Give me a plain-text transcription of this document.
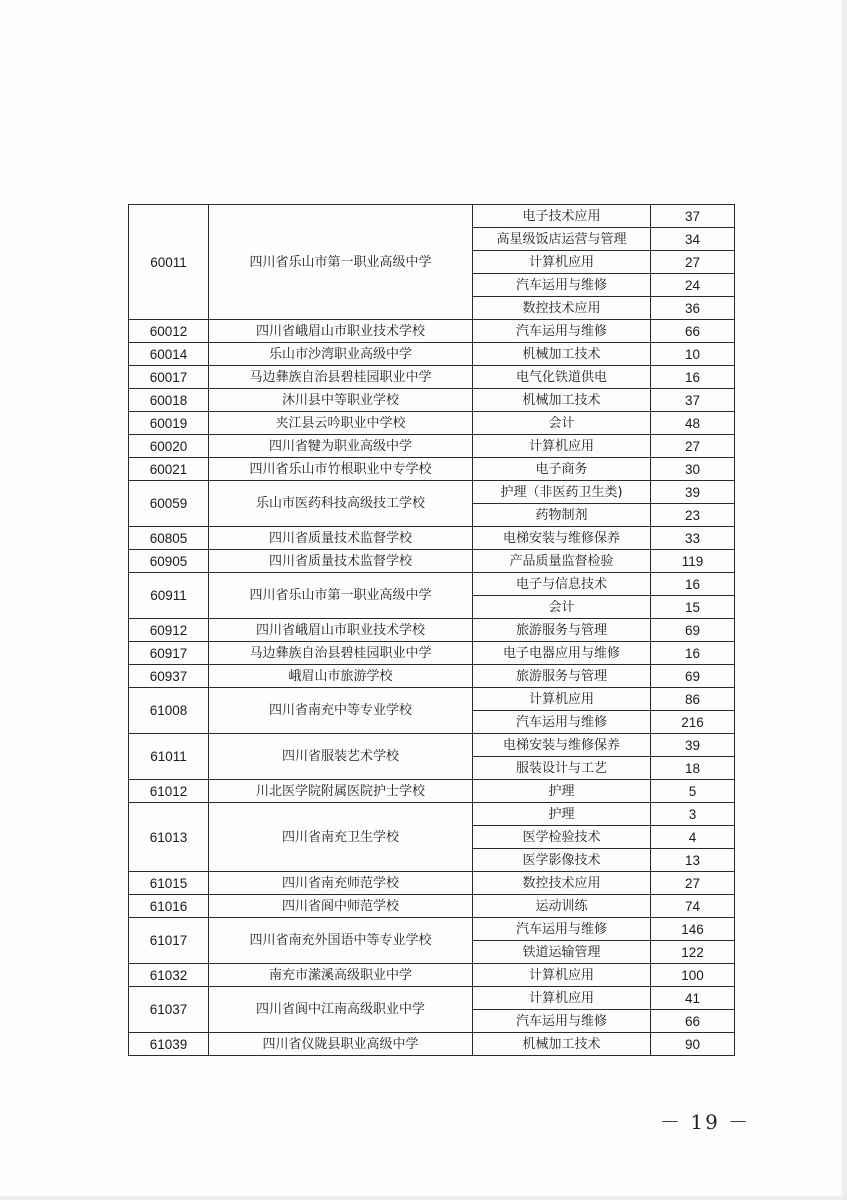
60011	四川省乐山市第一职业高级中学	电子技术应用	37
		高星级饭店运营与管理	34
		计算机应用	27
		汽车运用与维修	24
		数控技术应用	36
60012	四川省峨眉山市职业技术学校	汽车运用与维修	66
60014	乐山市沙湾职业高级中学	机械加工技术	10
60017	马边彝族自治县碧桂园职业中学	电气化铁道供电	16
60018	沐川县中等职业学校	机械加工技术	37
60019	夹江县云吟职业中学校	会计	48
60020	四川省犍为职业高级中学	计算机应用	27
60021	四川省乐山市竹根职业中专学校	电子商务	30
60059	乐山市医药科技高级技工学校	护理（非医药卫生类)	39
		药物制剂	23
60805	四川省质量技术监督学校	电梯安装与维修保养	33
60905	四川省质量技术监督学校	产品质量监督检验	119
60911	四川省乐山市第一职业高级中学	电子与信息技术	16
		会计	15
60912	四川省峨眉山市职业技术学校	旅游服务与管理	69
60917	马边彝族自治县碧桂园职业中学	电子电器应用与维修	16
60937	峨眉山市旅游学校	旅游服务与管理	69
61008	四川省南充中等专业学校	计算机应用	86
		汽车运用与维修	216
61011	四川省服装艺术学校	电梯安装与维修保养	39
		服装设计与工艺	18
61012	川北医学院附属医院护士学校	护理	5
61013	四川省南充卫生学校	护理	3
		医学检验技术	4
		医学影像技术	13
61015	四川省南充师范学校	数控技术应用	27
61016	四川省阆中师范学校	运动训练	74
61017	四川省南充外国语中等专业学校	汽车运用与维修	146
		铁道运输管理	122
61032	南充市潆溪高级职业中学	计算机应用	100
61037	四川省阆中江南高级职业中学	计算机应用	41
		汽车运用与维修	66
61039	四川省仪陇县职业高级中学	机械加工技术	90
－ 19 －
